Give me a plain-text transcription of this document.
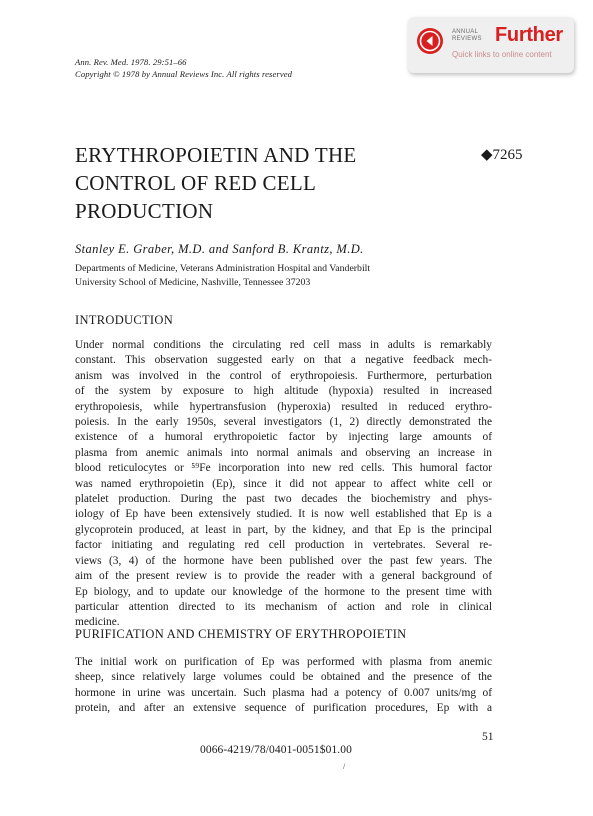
Ann. Rev. Med. 1978. 29:51–66
Copyright © 1978 by Annual Reviews Inc. All rights reserved
ANNUAL
REVIEWS Further
Quick links to online content
ERYTHROPOIETIN AND THE
CONTROL OF RED CELL
PRODUCTION
◆7265
Stanley E. Graber, M.D. and Sanford B. Krantz, M.D.
Departments of Medicine, Veterans Administration Hospital and Vanderbilt
University School of Medicine, Nashville, Tennessee 37203
INTRODUCTION
Under normal conditions the circulating red cell mass in adults is remarkably
constant. This observation suggested early on that a negative feedback mech-
anism was involved in the control of erythropoiesis. Furthermore, perturbation
of the system by exposure to high altitude (hypoxia) resulted in increased
erythropoiesis, while hypertransfusion (hyperoxia) resulted in reduced erythro-
poiesis. In the early 1950s, several investigators (1, 2) directly demonstrated the
existence of a humoral erythropoietic factor by injecting large amounts of
plasma from anemic animals into normal animals and observing an increase in
blood reticulocytes or ⁵⁹Fe incorporation into new red cells. This humoral factor
was named erythropoietin (Ep), since it did not appear to affect white cell or
platelet production. During the past two decades the biochemistry and phys-
iology of Ep have been extensively studied. It is now well established that Ep is a
glycoprotein produced, at least in part, by the kidney, and that Ep is the principal
factor initiating and regulating red cell production in vertebrates. Several re-
views (3, 4) of the hormone have been published over the past few years. The
aim of the present review is to provide the reader with a general background of
Ep biology, and to update our knowledge of the hormone to the present time with
particular attention directed to its mechanism of action and role in clinical
medicine.
PURIFICATION AND CHEMISTRY OF ERYTHROPOIETIN
The initial work on purification of Ep was performed with plasma from anemic
sheep, since relatively large volumes could be obtained and the presence of the
hormone in urine was uncertain. Such plasma had a potency of 0.007 units/mg of
protein, and after an extensive sequence of purification procedures, Ep with a
51
0066-4219/78/0401-0051$01.00
/
